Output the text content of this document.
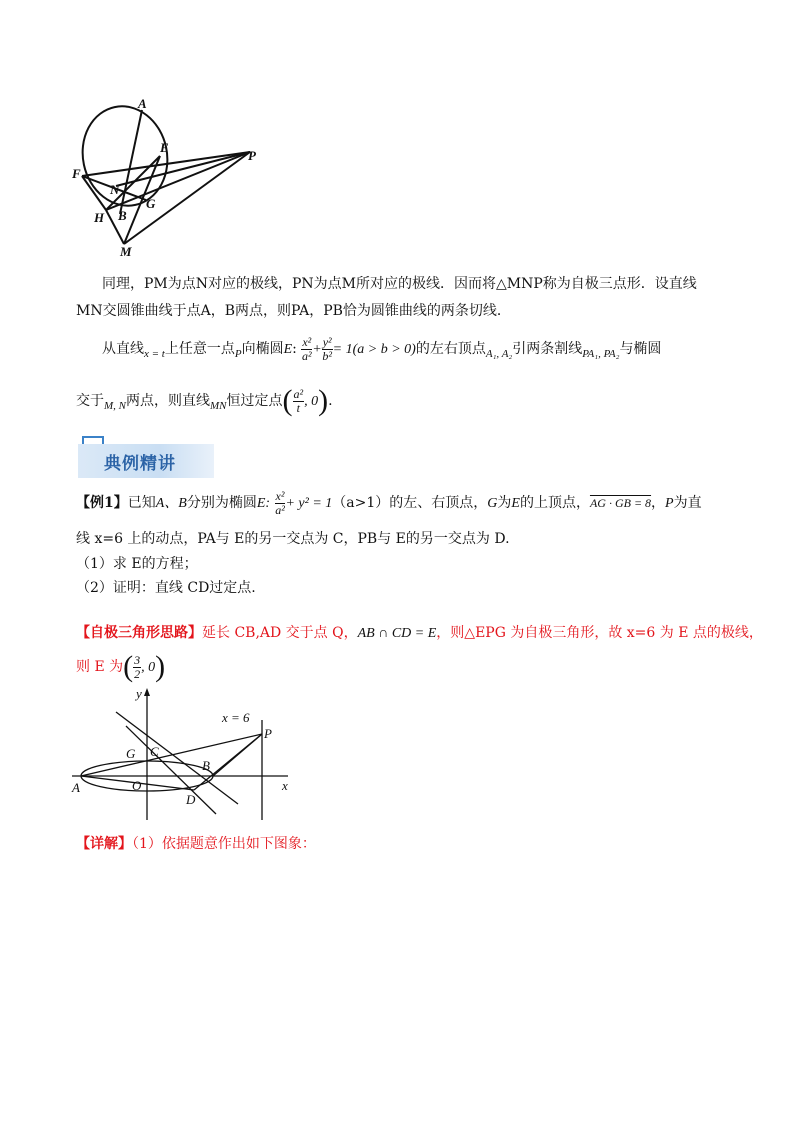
A
E
P
F
N
G
H B
M
同理，PM为点N对应的极线，PN为点M所对应的极线．因而将△MNP称为自极三点形．设直线
MN交圆锥曲线于点A，B两点，则PA，PB恰为圆锥曲线的两条切线．
从直线$_{x = t}$上任意一点$_P$向椭圆E: $\frac{\text{x²}}{\text{a²}} + \frac{\text{y²}}{\text{b²}} = 1(a > b > 0)$的左右顶点$_{A_1, A_2}$引两条割线$_{PA_1, PA_2}$与椭圆
交于$_{M, N}$两点，则直线$_{MN}$恒过定点( $\frac{\text{a²}}{t}$ , 0).
典例精讲
【例1】已知A、B分别为椭圆E: $\frac{\text{x²}}{\text{a²}} + y^2 = 1(a>1)$的左、右顶点，G为E的上顶点，AG · GB = 8，P为直
线 x=6 上的动点，PA与 E的另一交点为 C，PB与 E的另一交点为 D.
（1）求 E的方程；
（2）证明：直线 CD过定点.
【自极三角形思路】延长 CB,AD 交于点 Q，AB ∩ CD = E，则△EPG 为自极三角形，故 x=6 为 E 点的极线，
则 E 为( $\frac{3}{2}$ , 0)
y
x
x = 6
P
G C
B
A	O
D
【详解】（1）依据题意作出如下图象：
